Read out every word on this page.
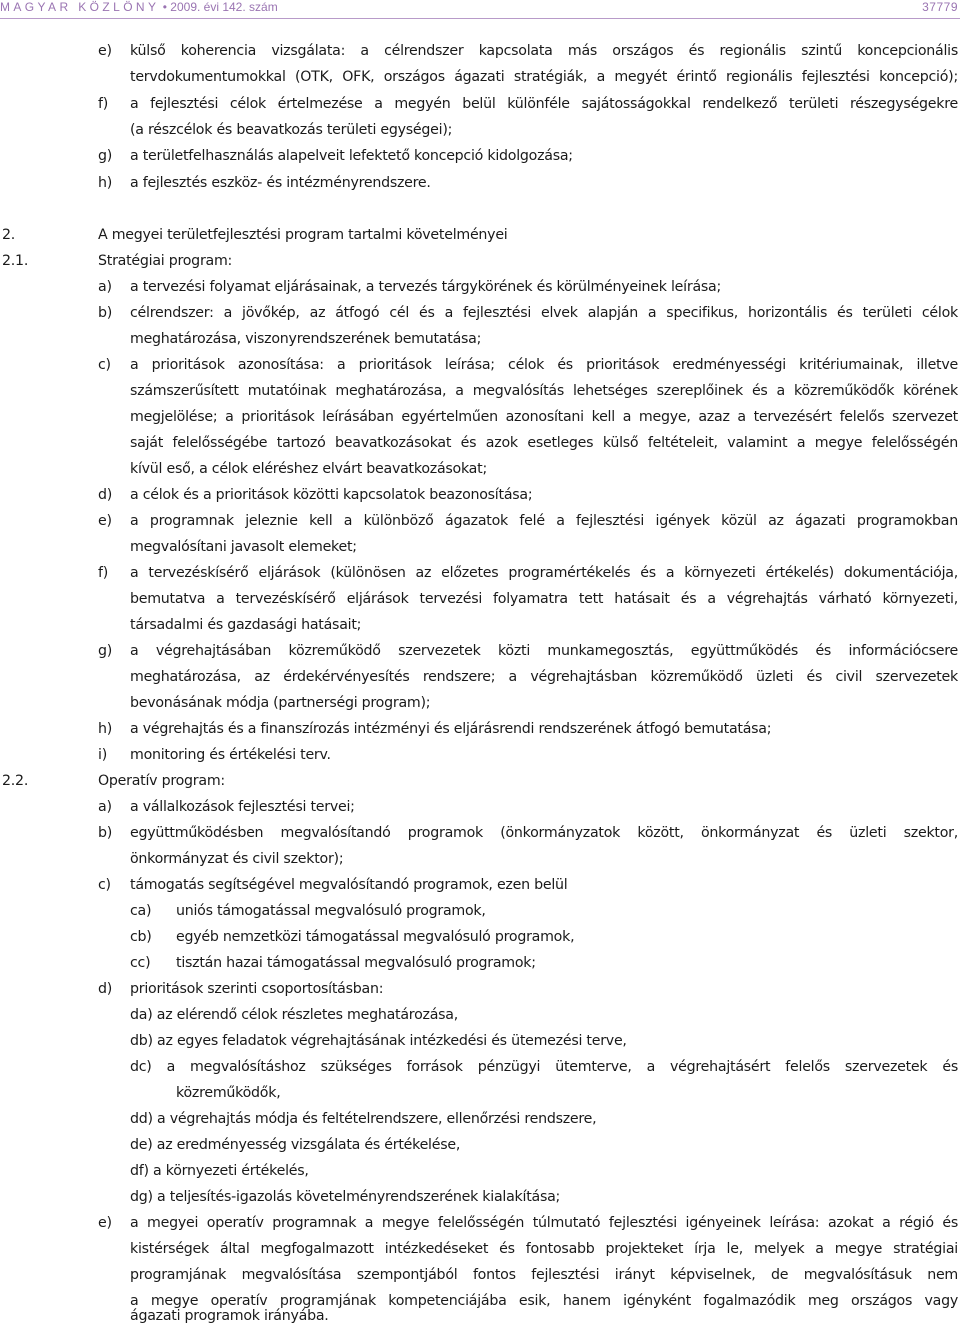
MAGYAR KÖZLÖNY • 2009. évi 142. szám	37779
e) külső koherencia vizsgálata: a célrendszer kapcsolata más országos és regionális szintű koncepcionális
tervdokumentumokkal (OTK, OFK, országos ágazati stratégiák, a megyét érintő regionális fejlesztési koncepció);
f) a fejlesztési célok értelmezése a megyén belül különféle sajátosságokkal rendelkező területi részegységekre
(a részcélok és beavatkozás területi egységei);
g) a területfelhasználás alapelveit lefektető koncepció kidolgozása;
h) a fejlesztés eszköz- és intézményrendszere.
2.	A megyei területfejlesztési program tartalmi követelményei
2.1.	Stratégiai program:
a) a tervezési folyamat eljárásainak, a tervezés tárgykörének és körülményeinek leírása;
b) célrendszer: a jövőkép, az átfogó cél és a fejlesztési elvek alapján a specifikus, horizontális és területi célok
meghatározása, viszonyrendszerének bemutatása;
c) a prioritások azonosítása: a prioritások leírása; célok és prioritások eredményességi kritériumainak, illetve
számszerűsített mutatóinak meghatározása, a megvalósítás lehetséges szereplőinek és a közreműködők körének
megjelölése; a prioritások leírásában egyértelműen azonosítani kell a megye, azaz a tervezésért felelős szervezet
saját felelősségébe tartozó beavatkozásokat és azok esetleges külső feltételeit, valamint a megye felelősségén
kívül eső, a célok eléréshez elvárt beavatkozásokat;
d) a célok és a prioritások közötti kapcsolatok beazonosítása;
e) a programnak jeleznie kell a különböző ágazatok felé a fejlesztési igények közül az ágazati programokban
megvalósítani javasolt elemeket;
f) a tervezéskísérő eljárások (különösen az előzetes programértékelés és a környezeti értékelés) dokumentációja,
bemutatva a tervezéskísérő eljárások tervezési folyamatra tett hatásait és a végrehajtás várható környezeti,
társadalmi és gazdasági hatásait;
g) a végrehajtásában közreműködő szervezetek közti munkamegosztás, együttműködés és információcsere
meghatározása, az érdekérvényesítés rendszere; a végrehajtásban közreműködő üzleti és civil szervezetek
bevonásának módja (partnerségi program);
h) a végrehajtás és a finanszírozás intézményi és eljárásrendi rendszerének átfogó bemutatása;
i) monitoring és értékelési terv.
2.2.	Operatív program:
a) a vállalkozások fejlesztési tervei;
b) együttműködésben megvalósítandó programok (önkormányzatok között, önkormányzat és üzleti szektor,
önkormányzat és civil szektor);
c) támogatás segítségével megvalósítandó programok, ezen belül
ca) uniós támogatással megvalósuló programok,
cb) egyéb nemzetközi támogatással megvalósuló programok,
cc) tisztán hazai támogatással megvalósuló programok;
d) prioritások szerinti csoportosításban:
da) az elérendő célok részletes meghatározása,
db) az egyes feladatok végrehajtásának intézkedési és ütemezési terve,
dc) a megvalósításhoz szükséges források pénzügyi ütemterve, a végrehajtásért felelős szervezetek és
közreműködők,
dd) a végrehajtás módja és feltételrendszere, ellenőrzési rendszere,
de) az eredményesség vizsgálata és értékelése,
df) a környezeti értékelés,
dg) a teljesítés-igazolás követelményrendszerének kialakítása;
e) a megyei operatív programnak a megye felelősségén túlmutató fejlesztési igényeinek leírása: azokat a régió és
kistérségek által megfogalmazott intézkedéseket és fontosabb projekteket írja le, melyek a megye stratégiai
programjának megvalósítása szempontjából fontos fejlesztési irányt képviselnek, de megvalósításuk nem
a megye operatív programjának kompetenciájába esik, hanem igényként fogalmazódik meg országos vagy
ágazati programok irányába.
